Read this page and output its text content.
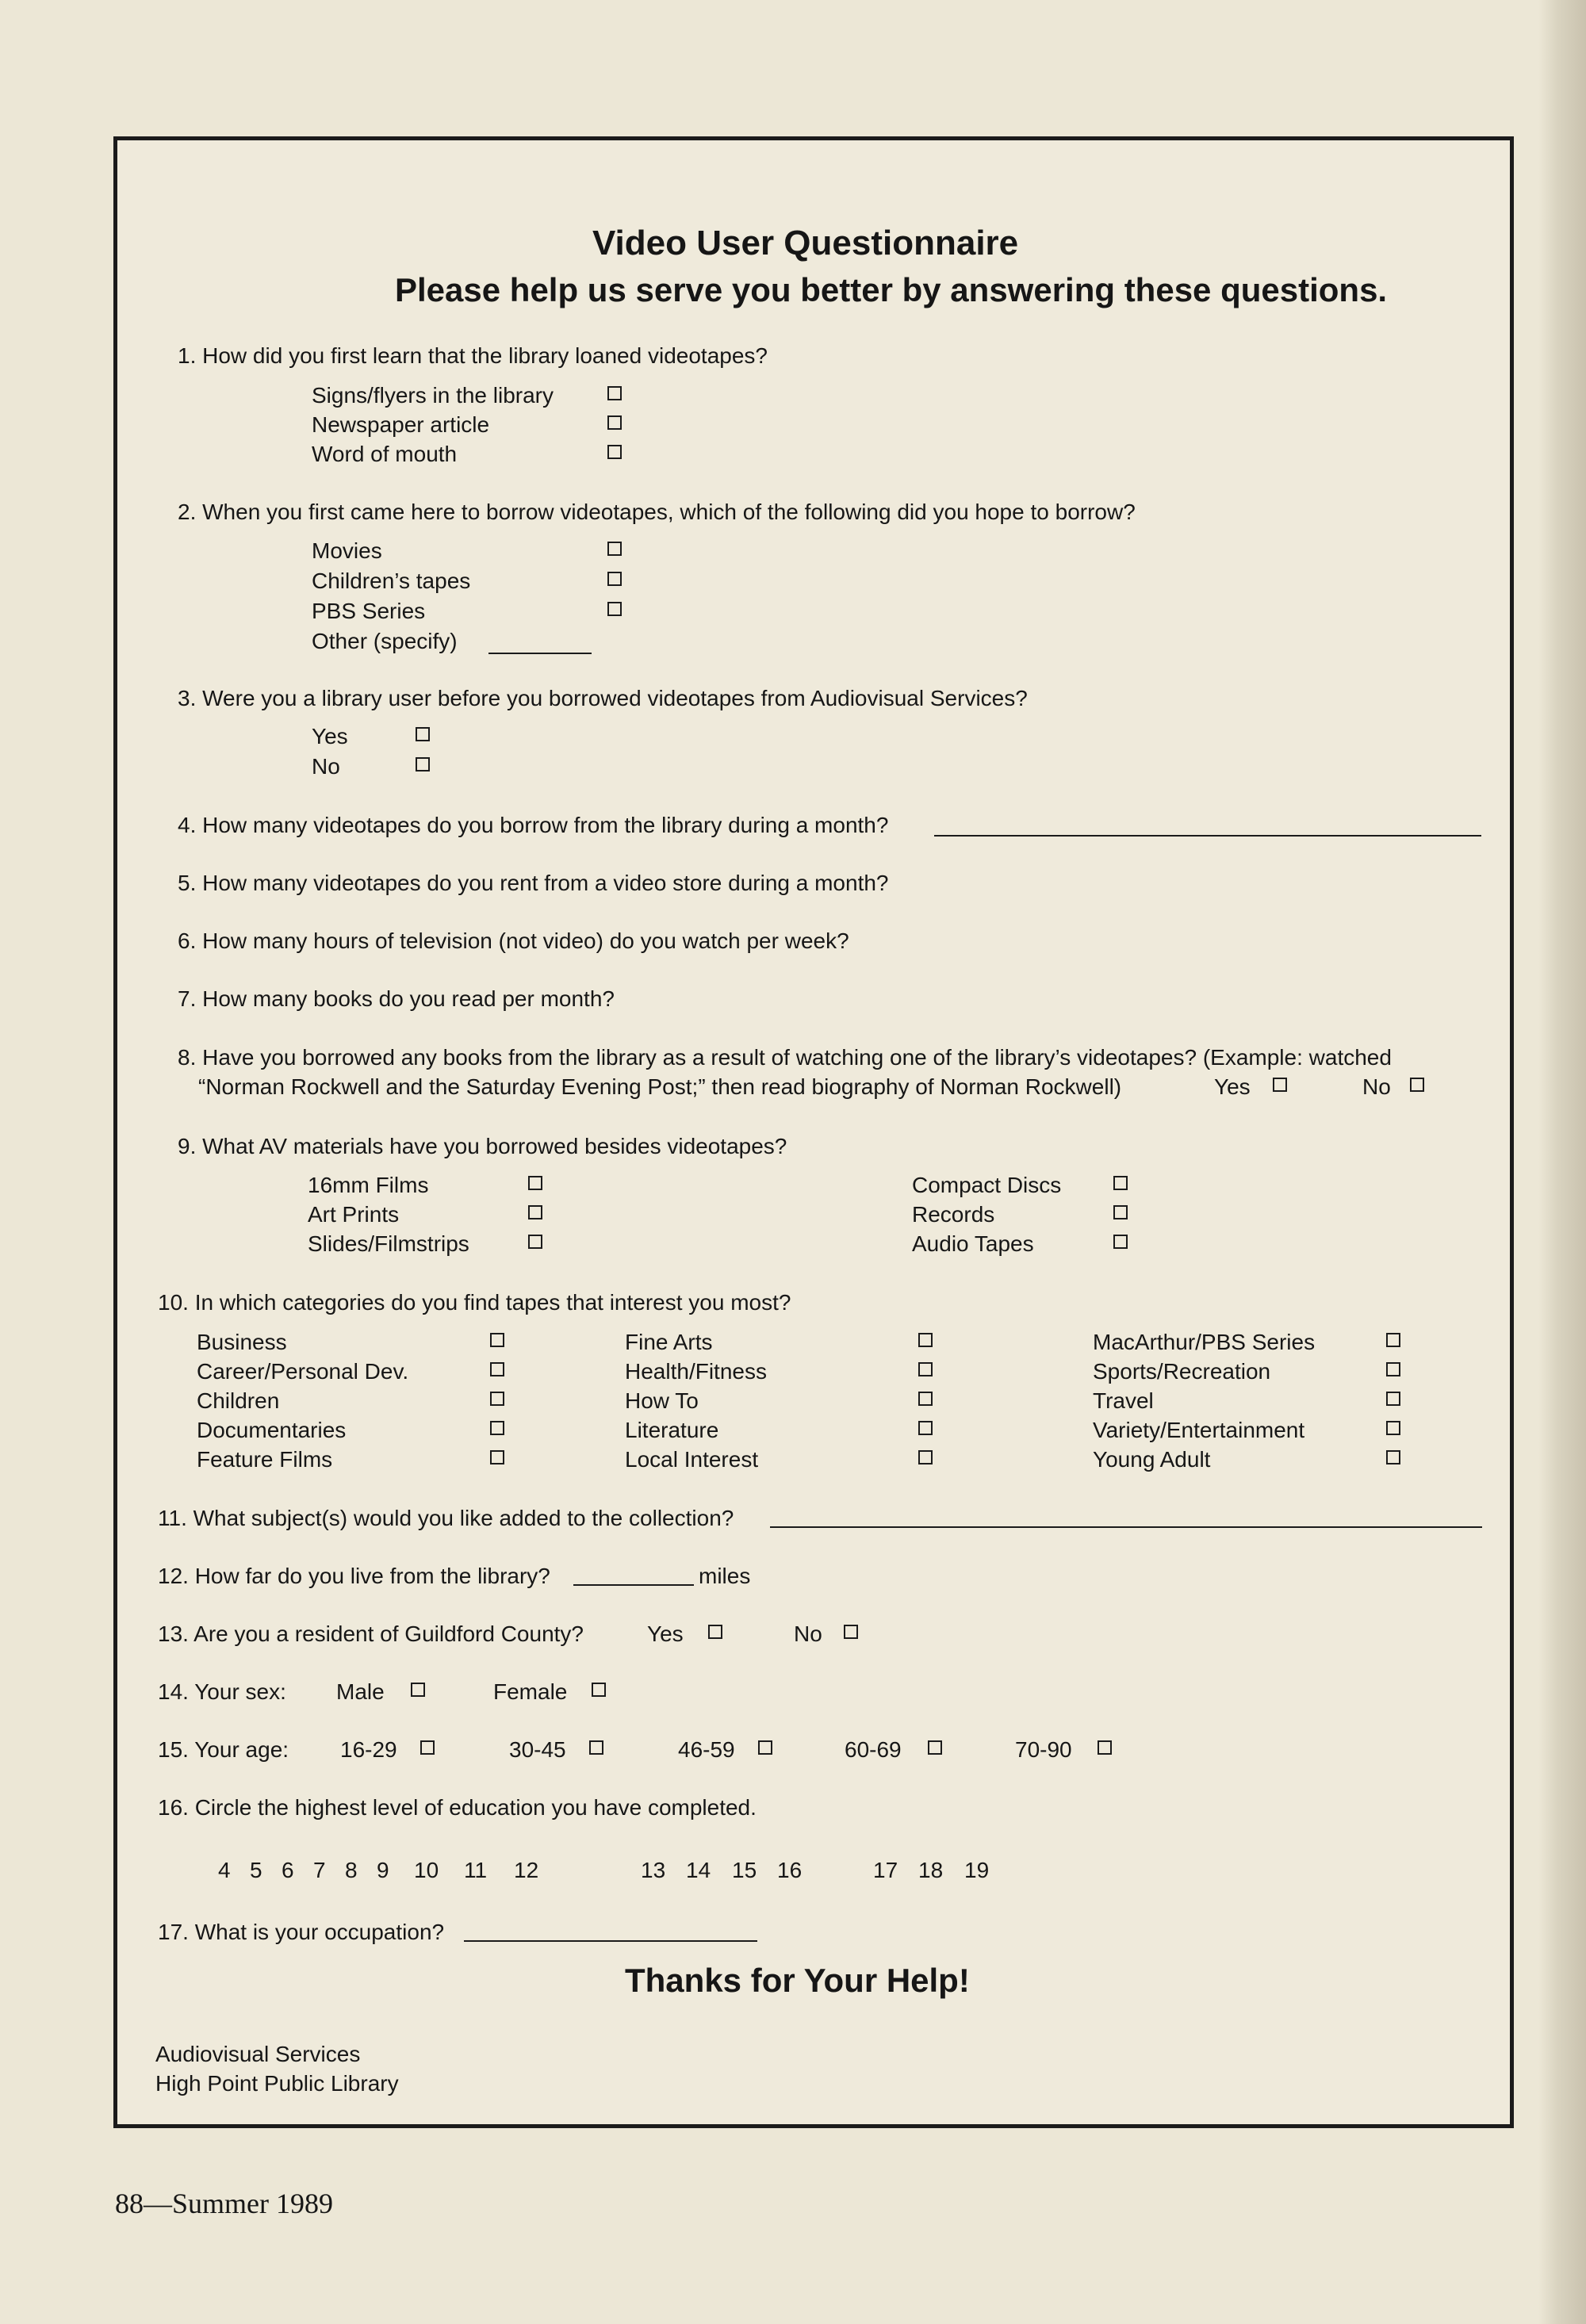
Video User Questionnaire
Please help us serve you better by answering these questions.
1. How did you first learn that the library loaned videotapes?
Signs/flyers in the library
Newspaper article
Word of mouth
2. When you first came here to borrow videotapes, which of the following did you hope to borrow?
Movies
Children’s tapes
PBS Series
Other (specify)
3. Were you a library user before you borrowed videotapes from Audiovisual Services?
Yes
No
4. How many videotapes do you borrow from the library during a month?
5. How many videotapes do you rent from a video store during a month?
6. How many hours of television (not video) do you watch per week?
7. How many books do you read per month?
8. Have you borrowed any books from the library as a result of watching one of the library’s videotapes? (Example: watched
“Norman Rockwell and the Saturday Evening Post;” then read biography of Norman Rockwell)	Yes	No
9. What AV materials have you borrowed besides videotapes?
16mm Films
Art Prints
Slides/Filmstrips
Compact Discs
Records
Audio Tapes
10. In which categories do you find tapes that interest you most?
Business
Career/Personal Dev.
Children
Documentaries
Feature Films
Fine Arts
Health/Fitness
How To
Literature
Local Interest
MacArthur/PBS Series
Sports/Recreation
Travel
Variety/Entertainment
Young Adult
11. What subject(s) would you like added to the collection?
12. How far do you live from the library?	miles
13. Are you a resident of Guildford County?	Yes	No
14. Your sex: Male	Female
15. Your age: 16-29	30-45	46-59	60-69	70-90
16. Circle the highest level of education you have completed.
4 5 6 7 8 9 10 11 12	13 14 15 16	17 18 19
17. What is your occupation?
Thanks for Your Help!
Audiovisual Services
High Point Public Library
88—Summer 1989
